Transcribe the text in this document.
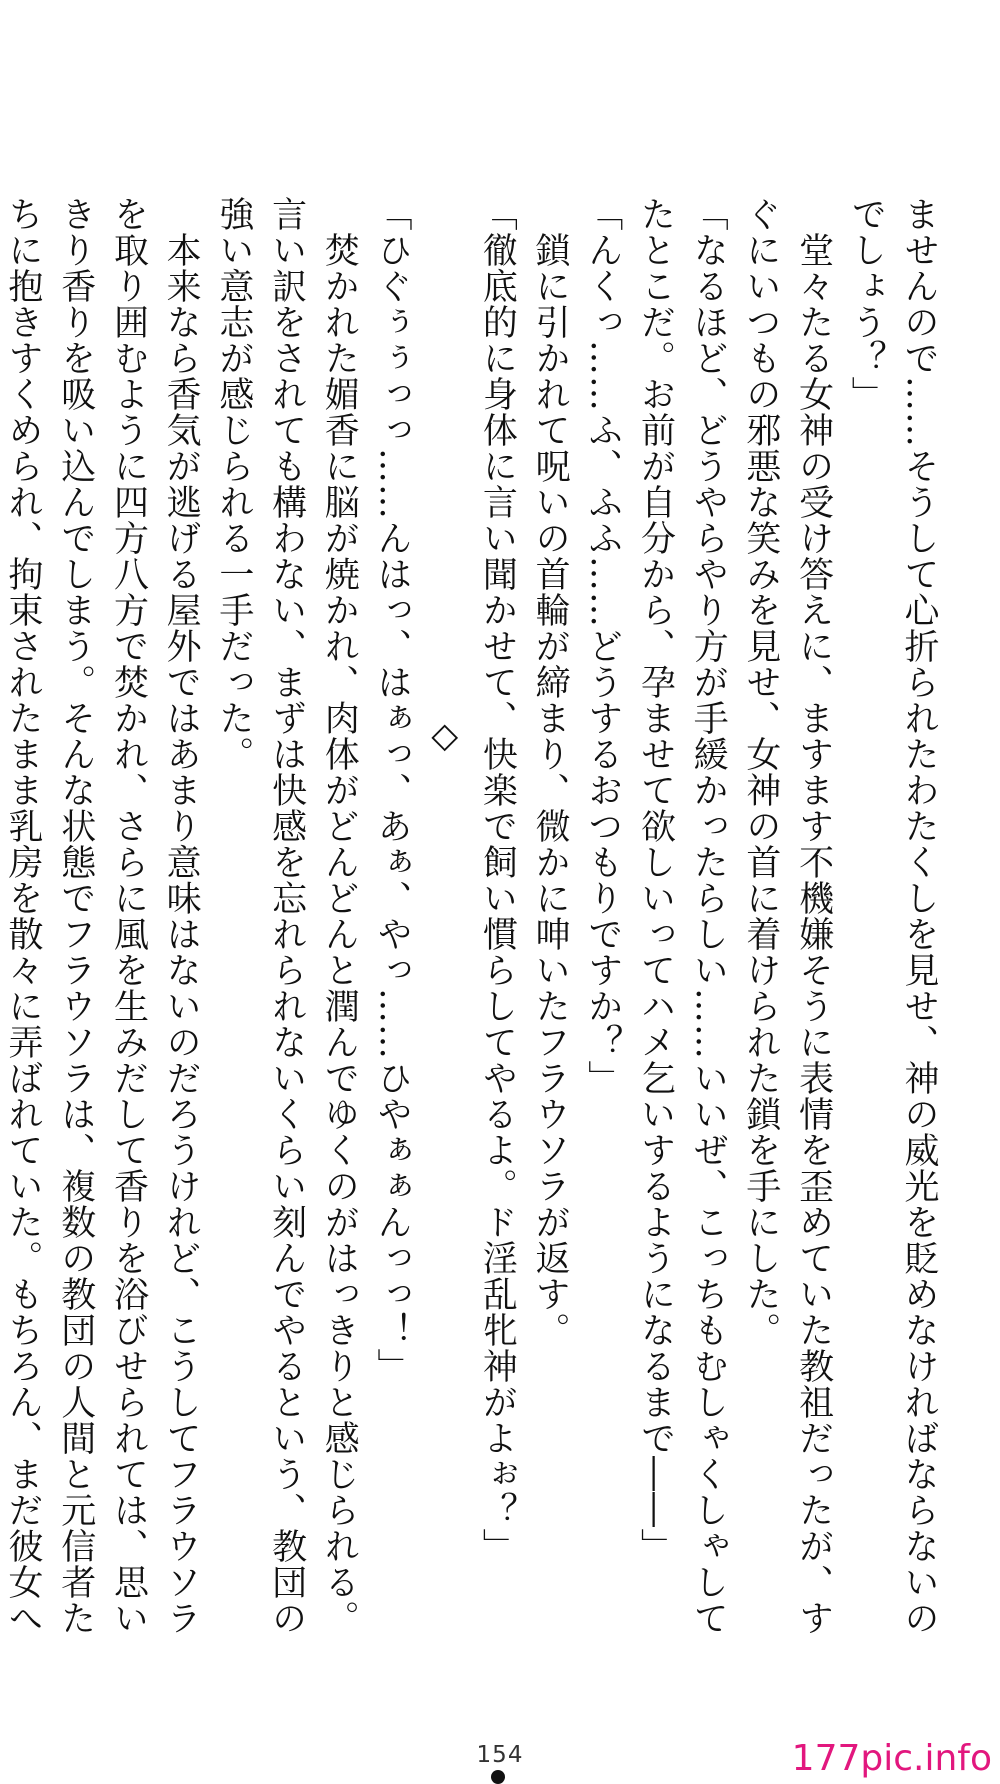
ませんので……そうして心折られたわたくしを見せ、神の威光を貶めなければならないの

でしょう？」

　堂々たる女神の受け答えに、ますます不機嫌そうに表情を歪めていた教祖だったが、す

ぐにいつもの邪悪な笑みを見せ、女神の首に着けられた鎖を手にした。

「なるほど、どうやらやり方が手緩かったらしい……いいぜ、こっちもむしゃくしゃして

たとこだ。お前が自分から、孕ませて欲しいってハメ乞いするようになるまで――」

「んくっ……ふ、ふふ……どうするおつもりですか？」

　鎖に引かれて呪いの首輪が締まり、微かに呻いたフラウソラが返す。

「徹底的に身体に言い聞かせて、快楽で飼い慣らしてやるよ。ド淫乱牝神がよぉ？」

◇

「ひぐぅぅっっ……んはっ、はぁっ、あぁ、やっ……ひやぁぁんっっ！」

　焚かれた媚香に脳が焼かれ、肉体がどんどんと潤んでゆくのがはっきりと感じられる。

言い訳をされても構わない、まずは快感を忘れられないくらい刻んでやるという、教団の

強い意志が感じられる一手だった。

　本来なら香気が逃げる屋外ではあまり意味はないのだろうけれど、こうしてフラウソラ

を取り囲むように四方八方で焚かれ、さらに風を生みだして香りを浴びせられては、思い

きり香りを吸い込んでしまう。そんな状態でフラウソラは、複数の教団の人間と元信者た

ちに抱きすくめられ、拘束されたまま乳房を散々に弄ばれていた。もちろん、まだ彼女へ

154	177pic.info
